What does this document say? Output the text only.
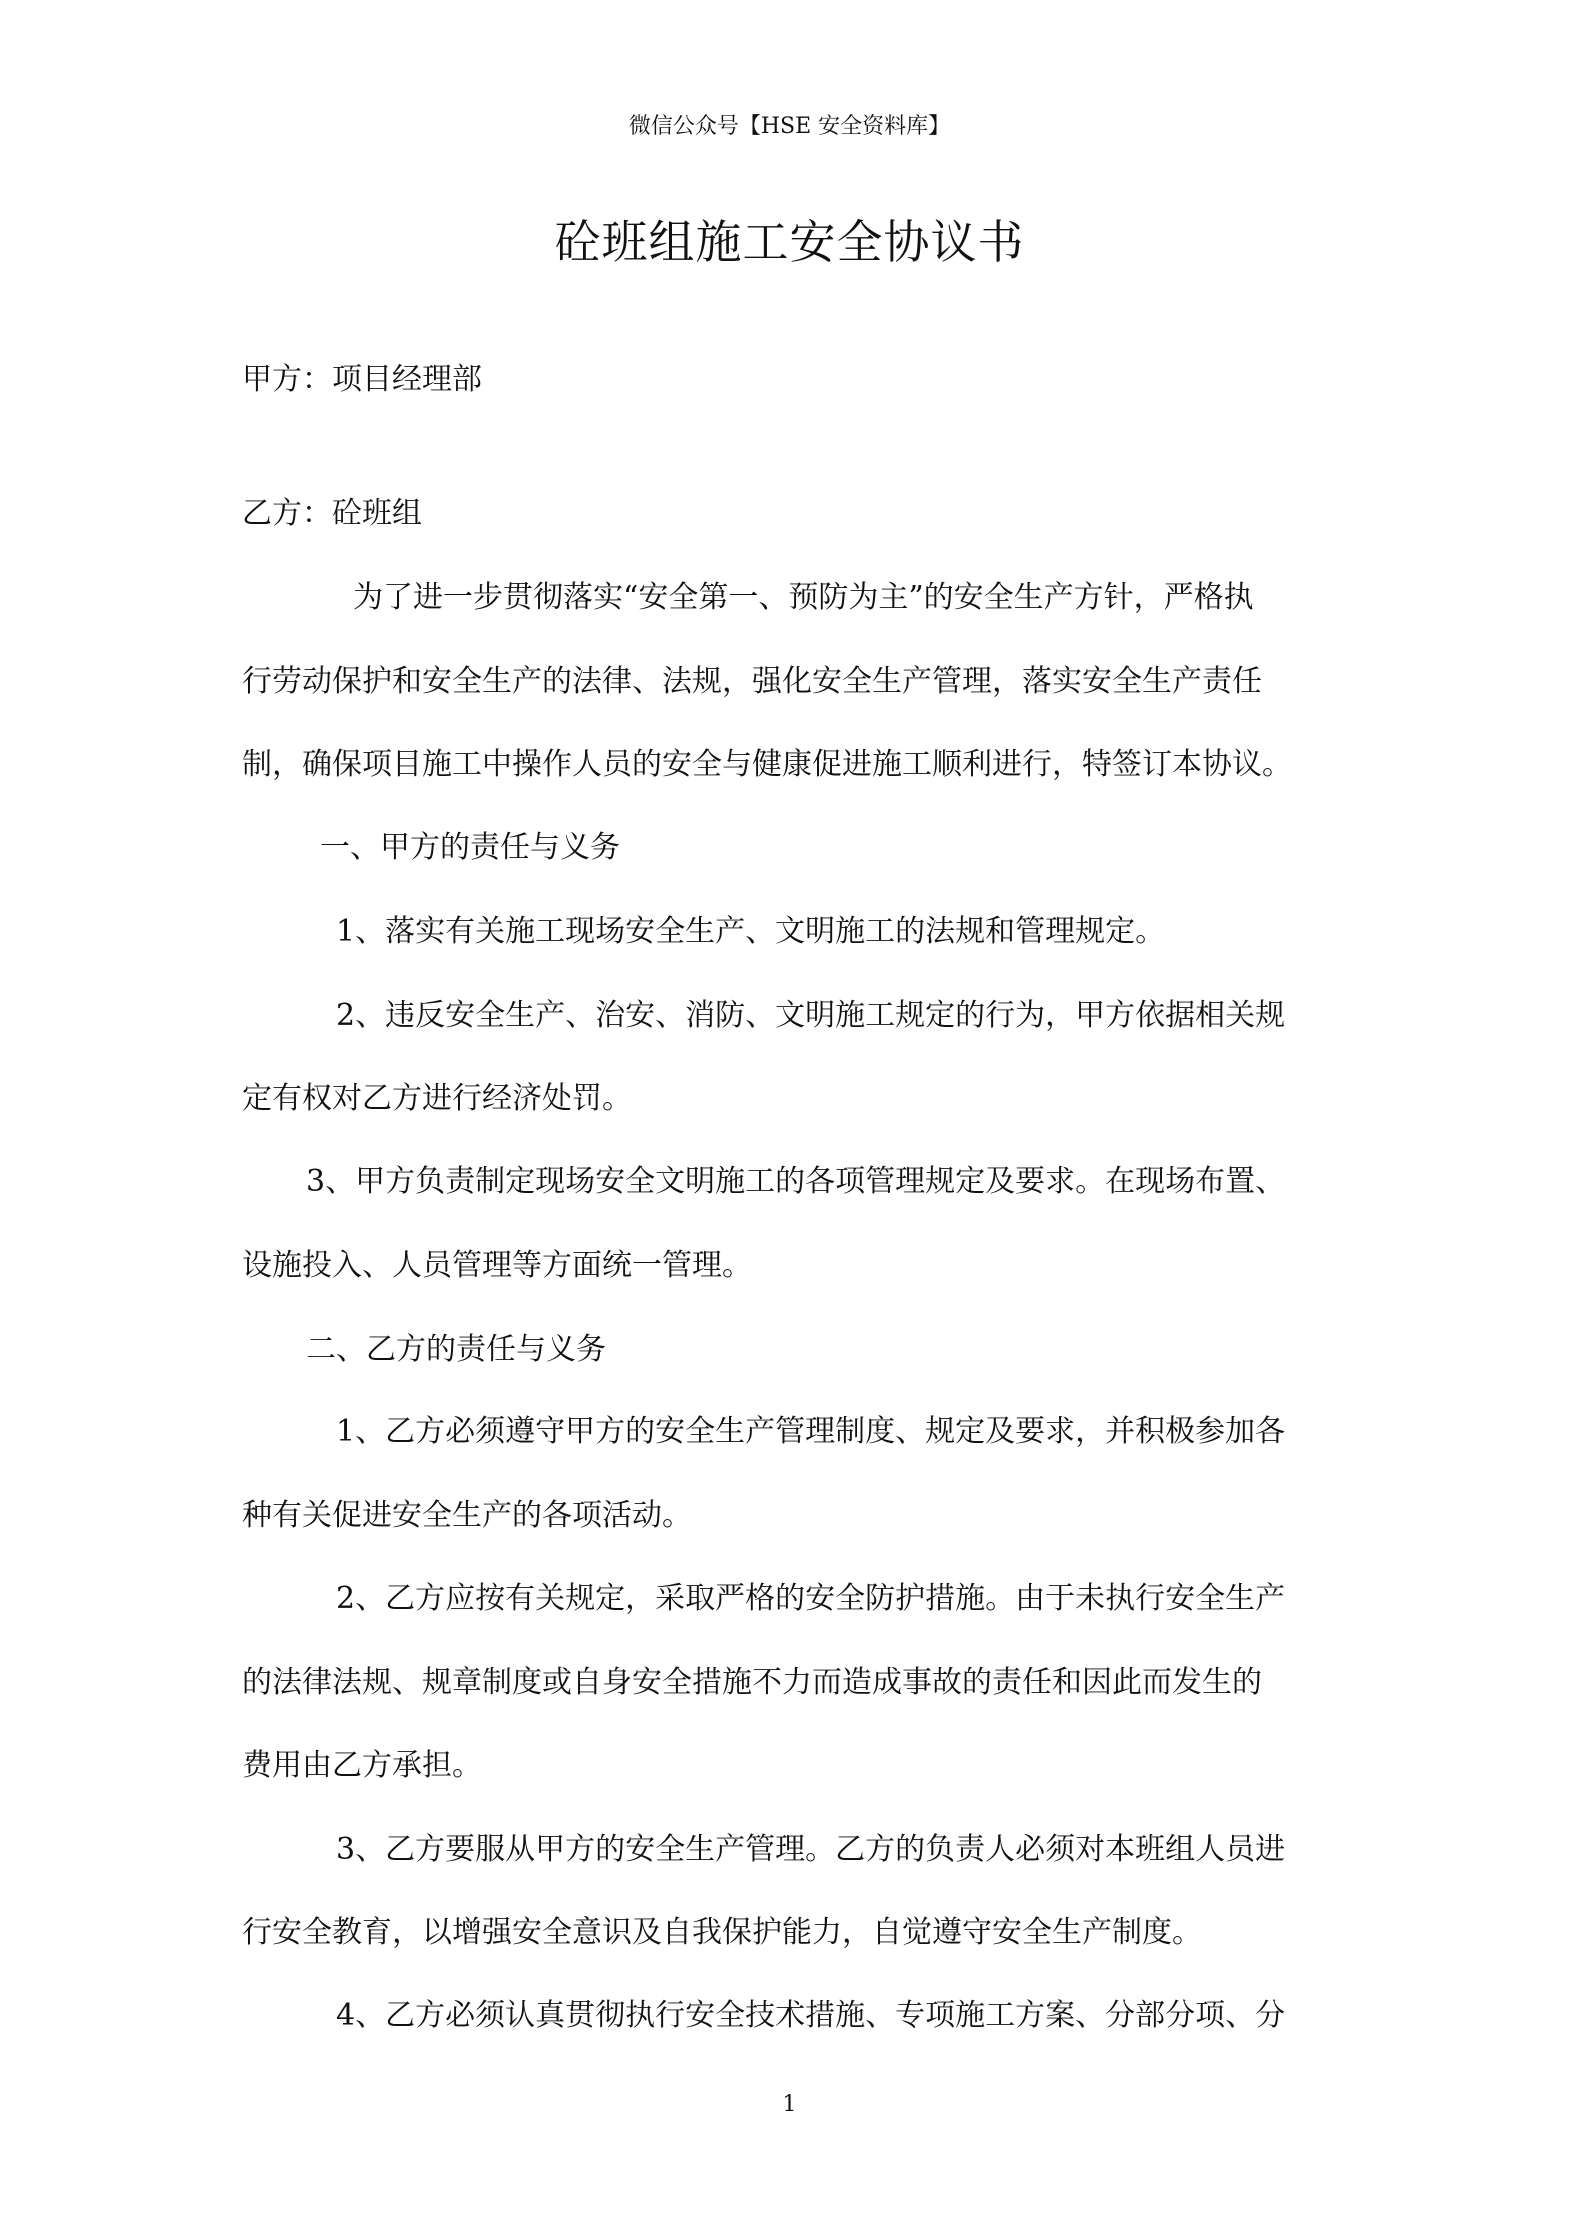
微信公众号【HSE 安全资料库】
砼班组施工安全协议书
甲方：项目经理部
乙方：砼班组
为了进一步贯彻落实“安全第一、预防为主”的安全生产方针，严格执
行劳动保护和安全生产的法律、法规，强化安全生产管理，落实安全生产责任
制，确保项目施工中操作人员的安全与健康促进施工顺利进行，特签订本协议。
一、甲方的责任与义务
1、落实有关施工现场安全生产、文明施工的法规和管理规定。
2、违反安全生产、治安、消防、文明施工规定的行为，甲方依据相关规
定有权对乙方进行经济处罚。
3、甲方负责制定现场安全文明施工的各项管理规定及要求。在现场布置、
设施投入、人员管理等方面统一管理。
二、乙方的责任与义务
1、乙方必须遵守甲方的安全生产管理制度、规定及要求，并积极参加各
种有关促进安全生产的各项活动。
2、乙方应按有关规定，采取严格的安全防护措施。由于未执行安全生产
的法律法规、规章制度或自身安全措施不力而造成事故的责任和因此而发生的
费用由乙方承担。
3、乙方要服从甲方的安全生产管理。乙方的负责人必须对本班组人员进
行安全教育，以增强安全意识及自我保护能力，自觉遵守安全生产制度。
4、乙方必须认真贯彻执行安全技术措施、专项施工方案、分部分项、分
1
